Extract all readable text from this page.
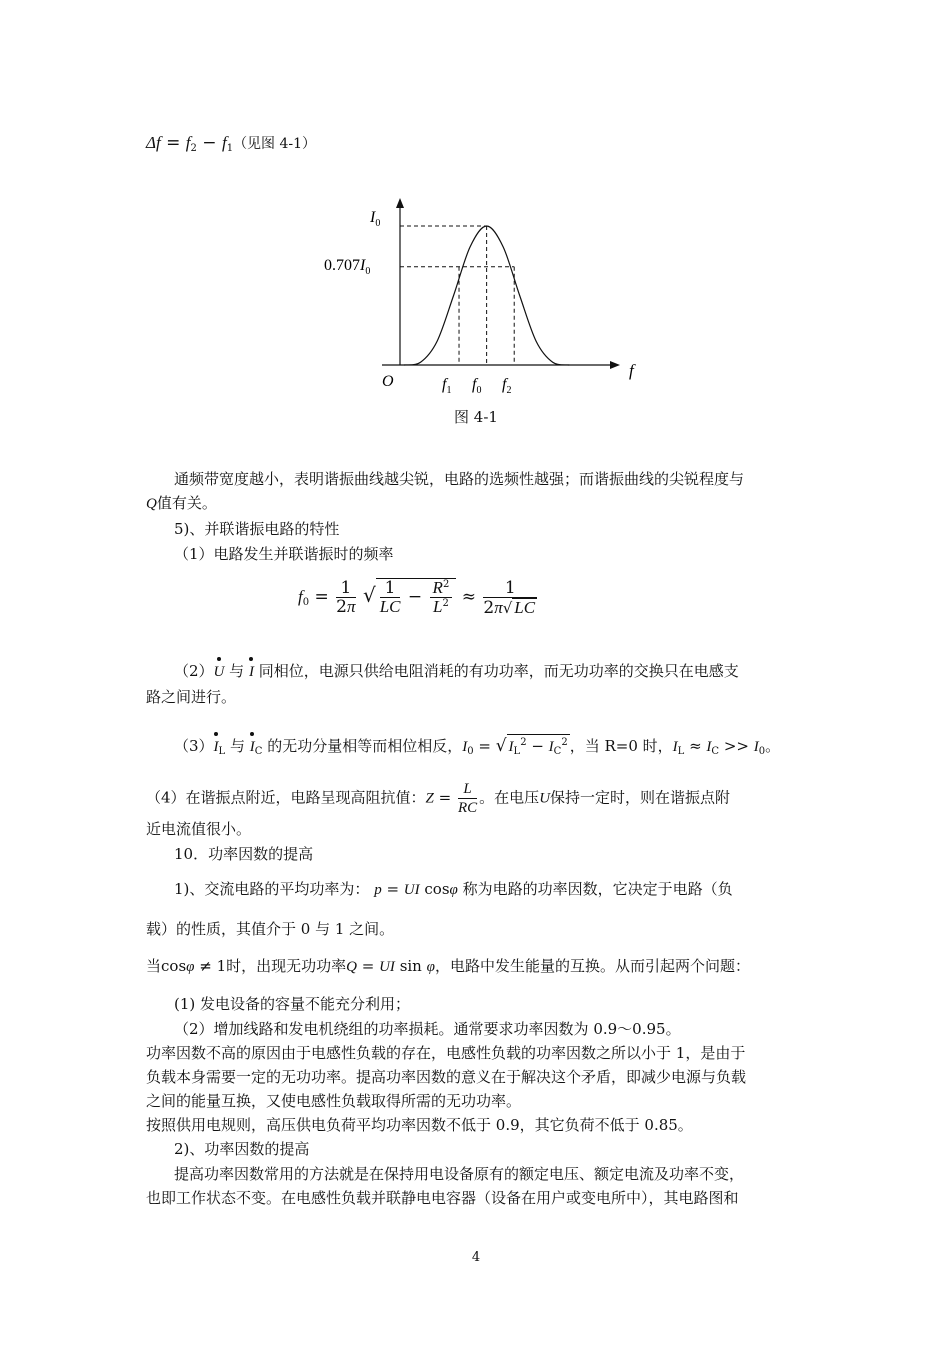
$\Delta f = f_2 - f_1$（见图 4-1）
$I_0$
$0.707I_0$
O
f
$f_1$ $f_0$ $f_2$
图 4-1
通频带宽度越小，表明谐振曲线越尖锐，电路的选频性越强；而谐振曲线的尖锐程度与
Q值有关。
5)、并联谐振电路的特性
（1）电路发生并联谐振时的频率
$f_0 = \frac{1}{2\pi}$ √ $\frac{1}{LC} - \frac{R^2}{L^2} \approx \frac{1}{2\pi√ LC}$
（2）U 与 I 同相位，电源只供给电阻消耗的有功功率，而无功功率的交换只在电感支
路之间进行。
$(3)I_L$ 与 $I_C$ 的无功分量相等而相位相反，$I_0$ = √ $I_L^2 - I_C^2$ ，当 R=0 时，$I_L \approx I_C >> I_0$。
（4）在谐振点附近，电路呈现高阻抗值：$Z = \frac{L}{RC}$ 。在电压U保持一定时，则在谐振点附
近电流值很小。
10．功率因数的提高
1)、交流电路的平均功率为： p = UI cosφ 称为电路的功率因数，它决定于电路（负
载）的性质，其值介于 0 与 1 之间。
当cosφ ≠ 1时，出现无功功率Q = UI sin φ，电路中发生能量的互换。从而引起两个问题：
(1) 发电设备的容量不能充分利用；
（2）增加线路和发电机绕组的功率损耗。通常要求功率因数为 0.9～0.95。
功率因数不高的原因由于电感性负载的存在，电感性负载的功率因数之所以小于 1，是由于
负载本身需要一定的无功功率。提高功率因数的意义在于解决这个矛盾，即减少电源与负载
之间的能量互换，又使电感性负载取得所需的无功功率。
按照供用电规则，高压供电负荷平均功率因数不低于 0.9，其它负荷不低于 0.85。
2)、功率因数的提高
提高功率因数常用的方法就是在保持用电设备原有的额定电压、额定电流及功率不变，
也即工作状态不变。在电感性负载并联静电电容器（设备在用户或变电所中），其电路图和
4
